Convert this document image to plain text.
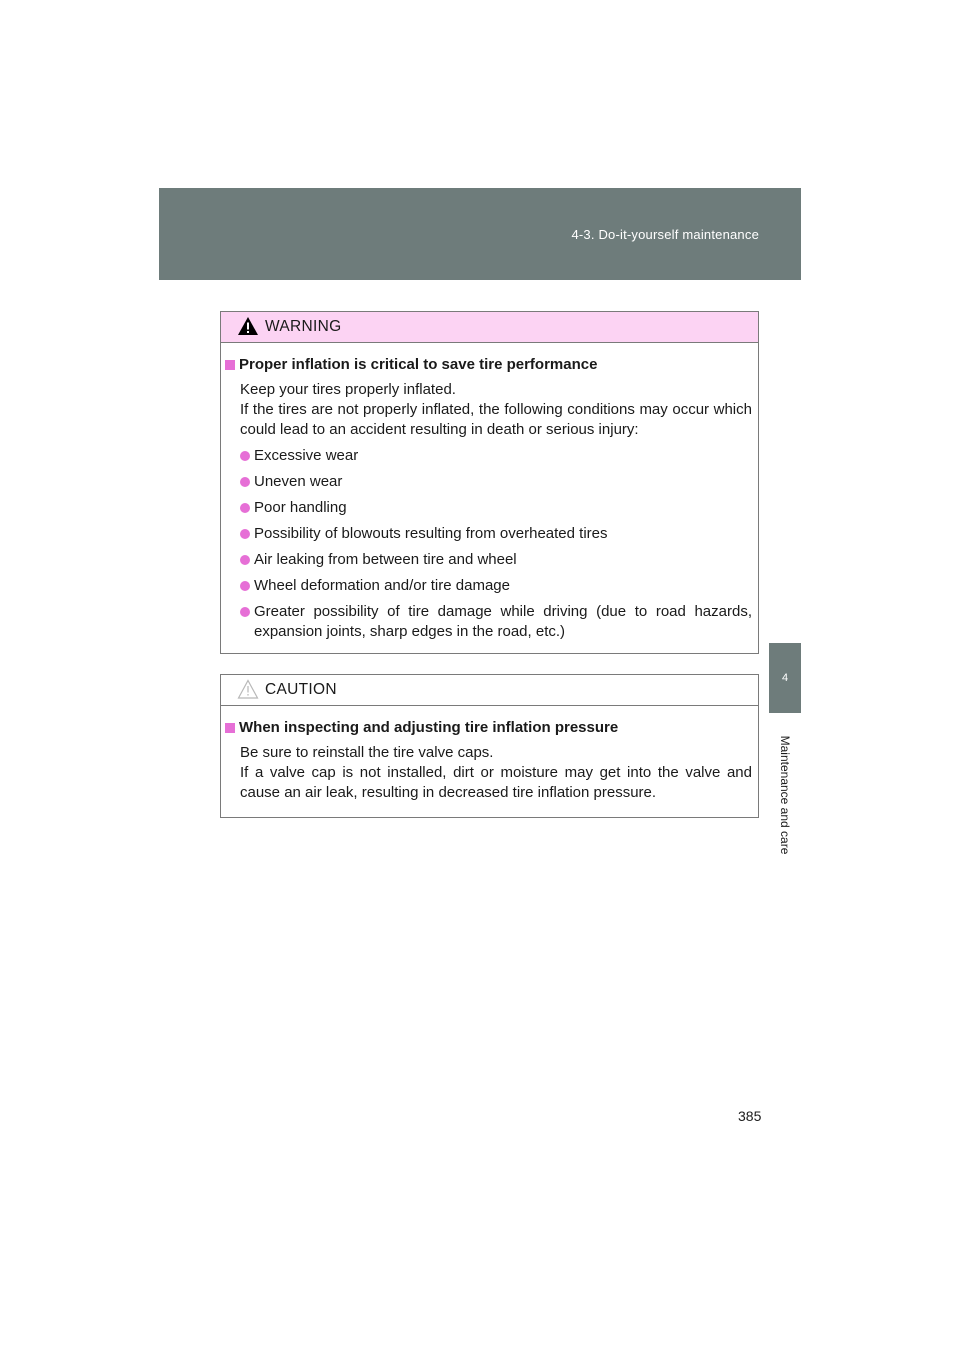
4-3. Do-it-yourself maintenance
4
Maintenance and care
WARNING
Proper inflation is critical to save tire performance
Keep your tires properly inflated.
If the tires are not properly inflated, the following conditions may occur which could lead to an accident resulting in death or serious injury:
Excessive wear
Uneven wear
Poor handling
Possibility of blowouts resulting from overheated tires
Air leaking from between tire and wheel
Wheel deformation and/or tire damage
Greater possibility of tire damage while driving (due to road hazards, expansion joints, sharp edges in the road, etc.)
CAUTION
When inspecting and adjusting tire inflation pressure
Be sure to reinstall the tire valve caps.
If a valve cap is not installed, dirt or moisture may get into the valve and cause an air leak, resulting in decreased tire inflation pressure.
385
